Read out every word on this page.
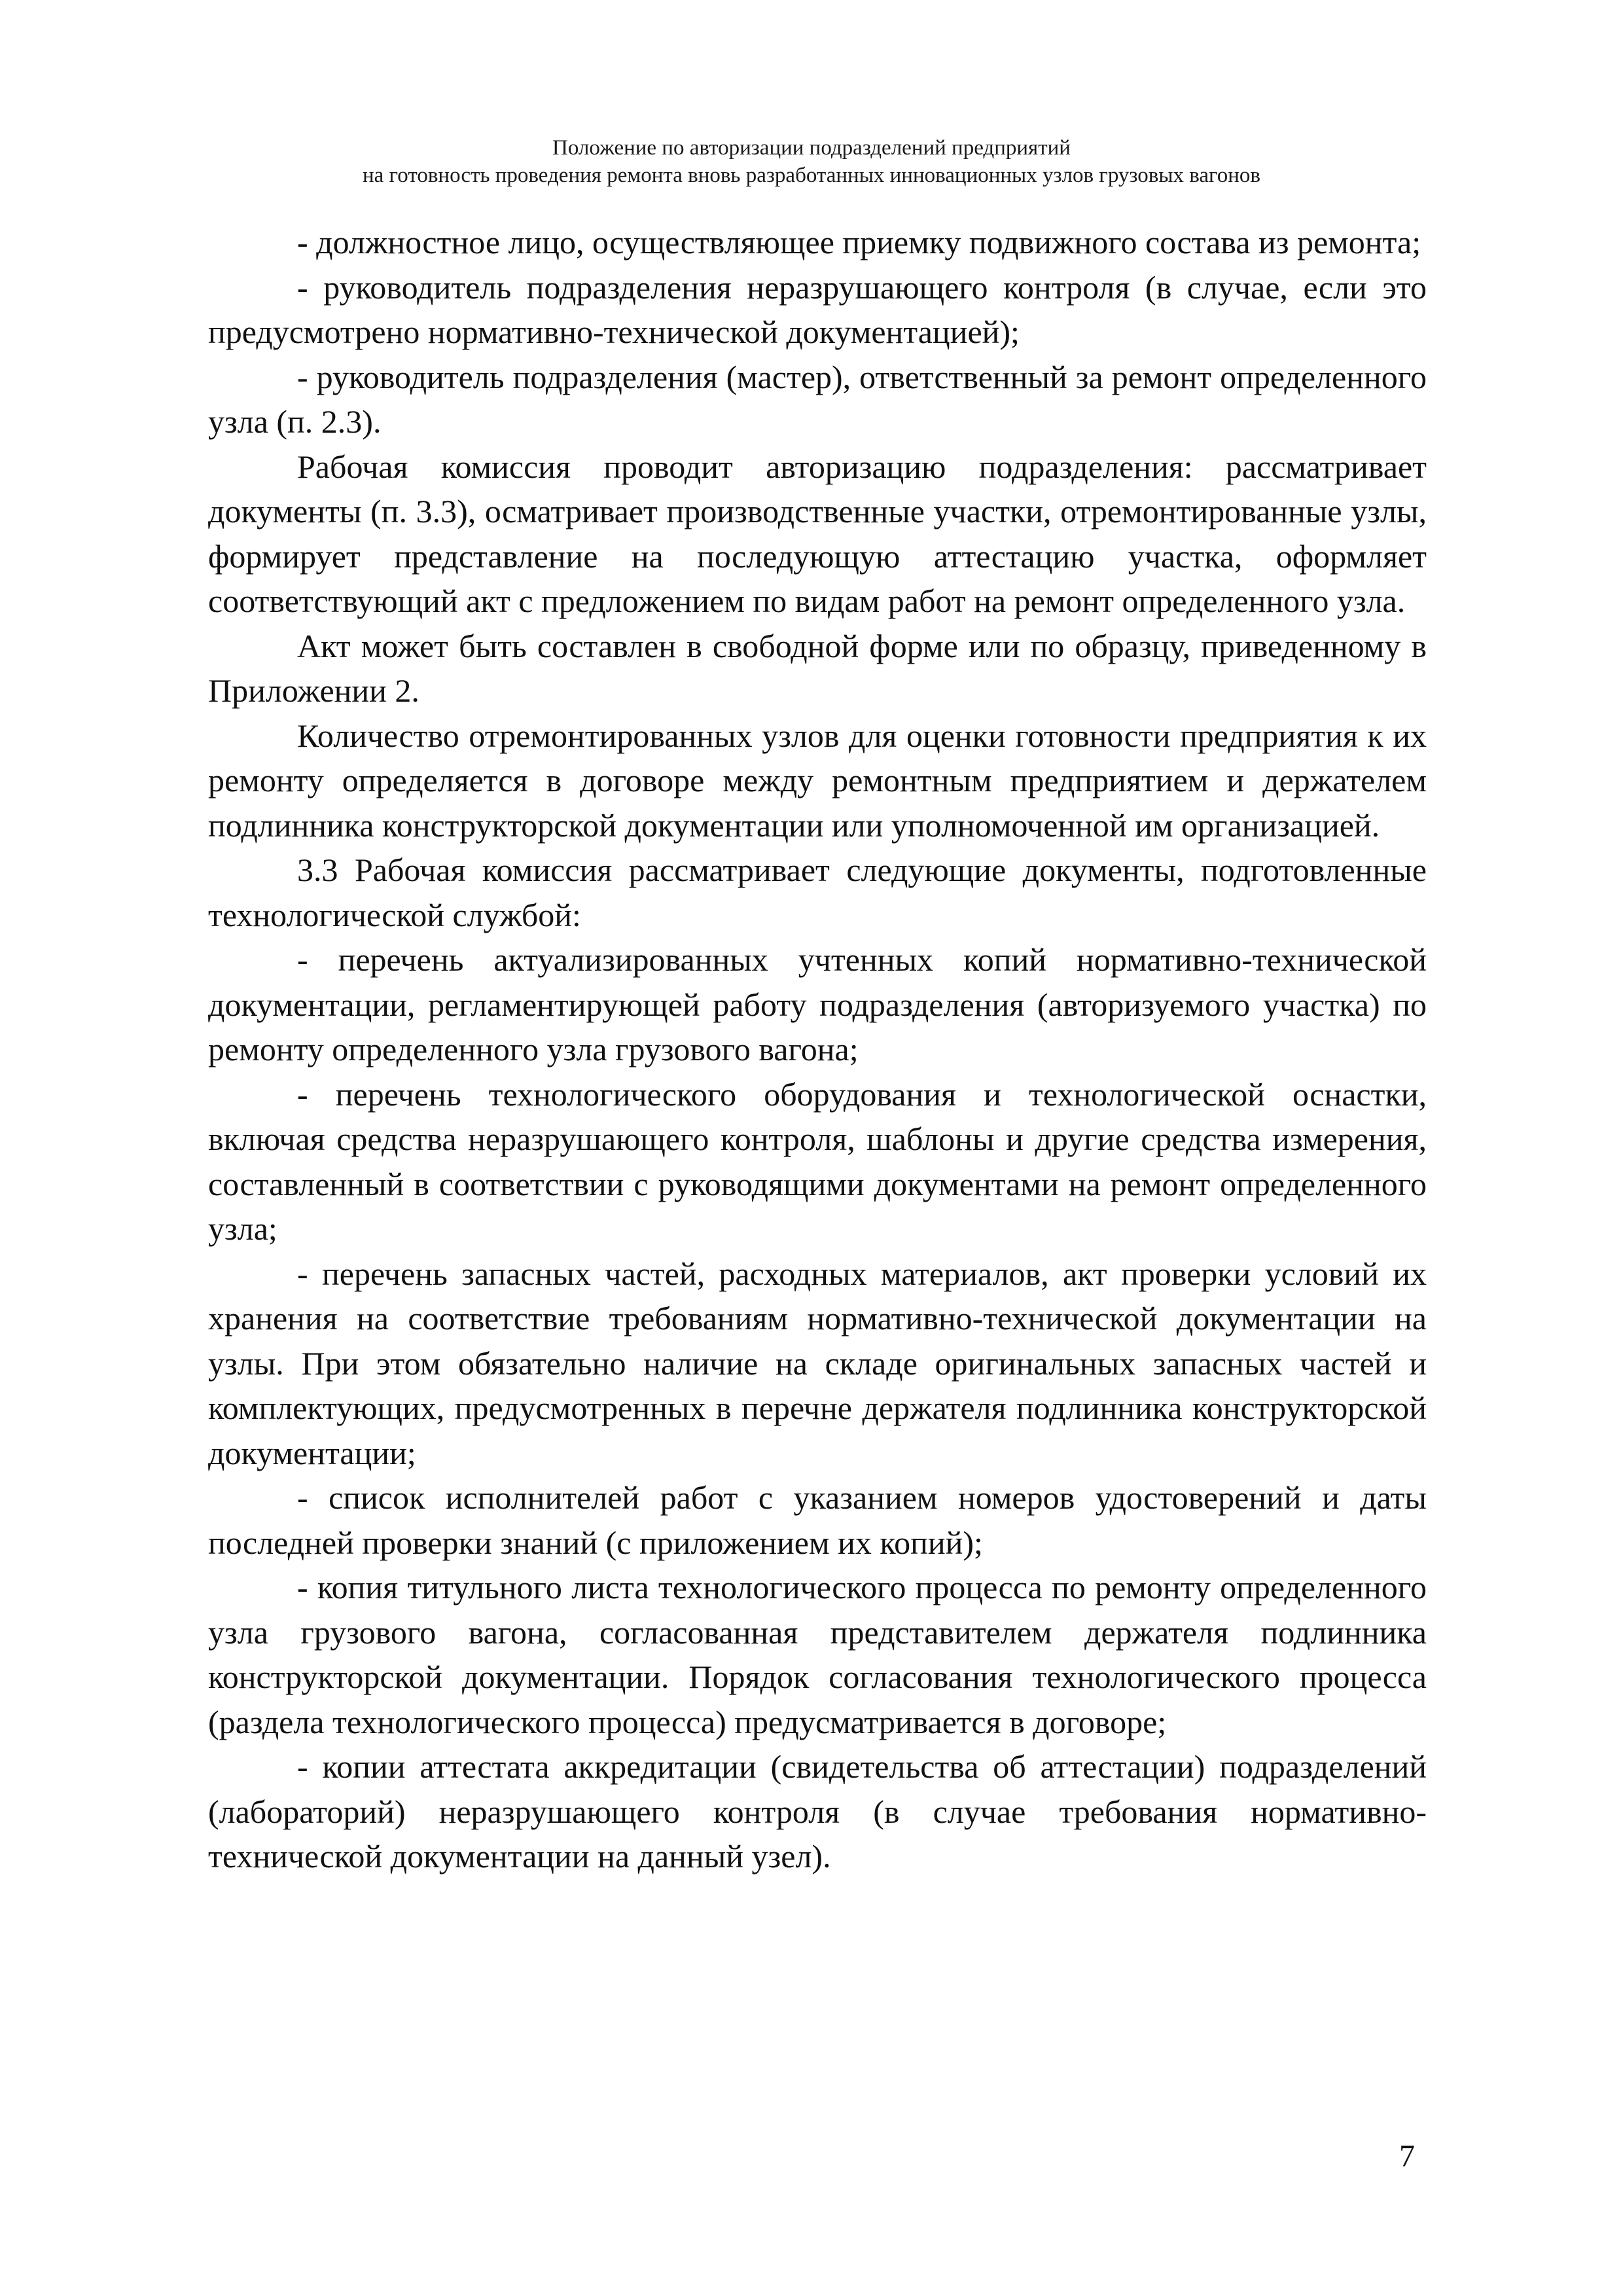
Положение по авторизации подразделений предприятий
на готовность проведения ремонта вновь разработанных инновационных узлов грузовых вагонов

- должностное лицо, осуществляющее приемку подвижного состава из ремонта;

- руководитель подразделения неразрушающего контроля (в случае, если это предусмотрено нормативно-технической документацией);

- руководитель подразделения (мастер), ответственный за ремонт определенного узла (п. 2.3).

Рабочая комиссия проводит авторизацию подразделения: рассматривает документы (п. 3.3), осматривает производственные участки, отремонтированные узлы, формирует представление на последующую аттестацию участка, оформляет соответствующий акт с предложением по видам работ на ремонт определенного узла.

Акт может быть составлен в свободной форме или по образцу, приведенному в Приложении 2.

Количество отремонтированных узлов для оценки готовности предприятия к их ремонту определяется в договоре между ремонтным предприятием и держателем подлинника конструкторской документации или уполномоченной им организацией.

3.3 Рабочая комиссия рассматривает следующие документы, подготовленные технологической службой:

- перечень актуализированных учтенных копий нормативно-технической документации, регламентирующей работу подразделения (авторизуемого участка) по ремонту определенного узла грузового вагона;

- перечень технологического оборудования и технологической оснастки, включая средства неразрушающего контроля, шаблоны и другие средства измерения, составленный в соответствии с руководящими документами на ремонт определенного узла;

- перечень запасных частей, расходных материалов, акт проверки условий их хранения на соответствие требованиям нормативно-технической документации на узлы. При этом обязательно наличие на складе оригинальных запасных частей и комплектующих, предусмотренных в перечне держателя подлинника конструкторской документации;

- список исполнителей работ с указанием номеров удостоверений и даты последней проверки знаний (с приложением их копий);

- копия титульного листа технологического процесса по ремонту определенного узла грузового вагона, согласованная представителем держателя подлинника конструкторской документации. Порядок согласования технологического процесса (раздела технологического процесса) предусматривается в договоре;

- копии аттестата аккредитации (свидетельства об аттестации) подразделений (лабораторий) неразрушающего контроля (в случае требования нормативно-технической документации на данный узел).

7
